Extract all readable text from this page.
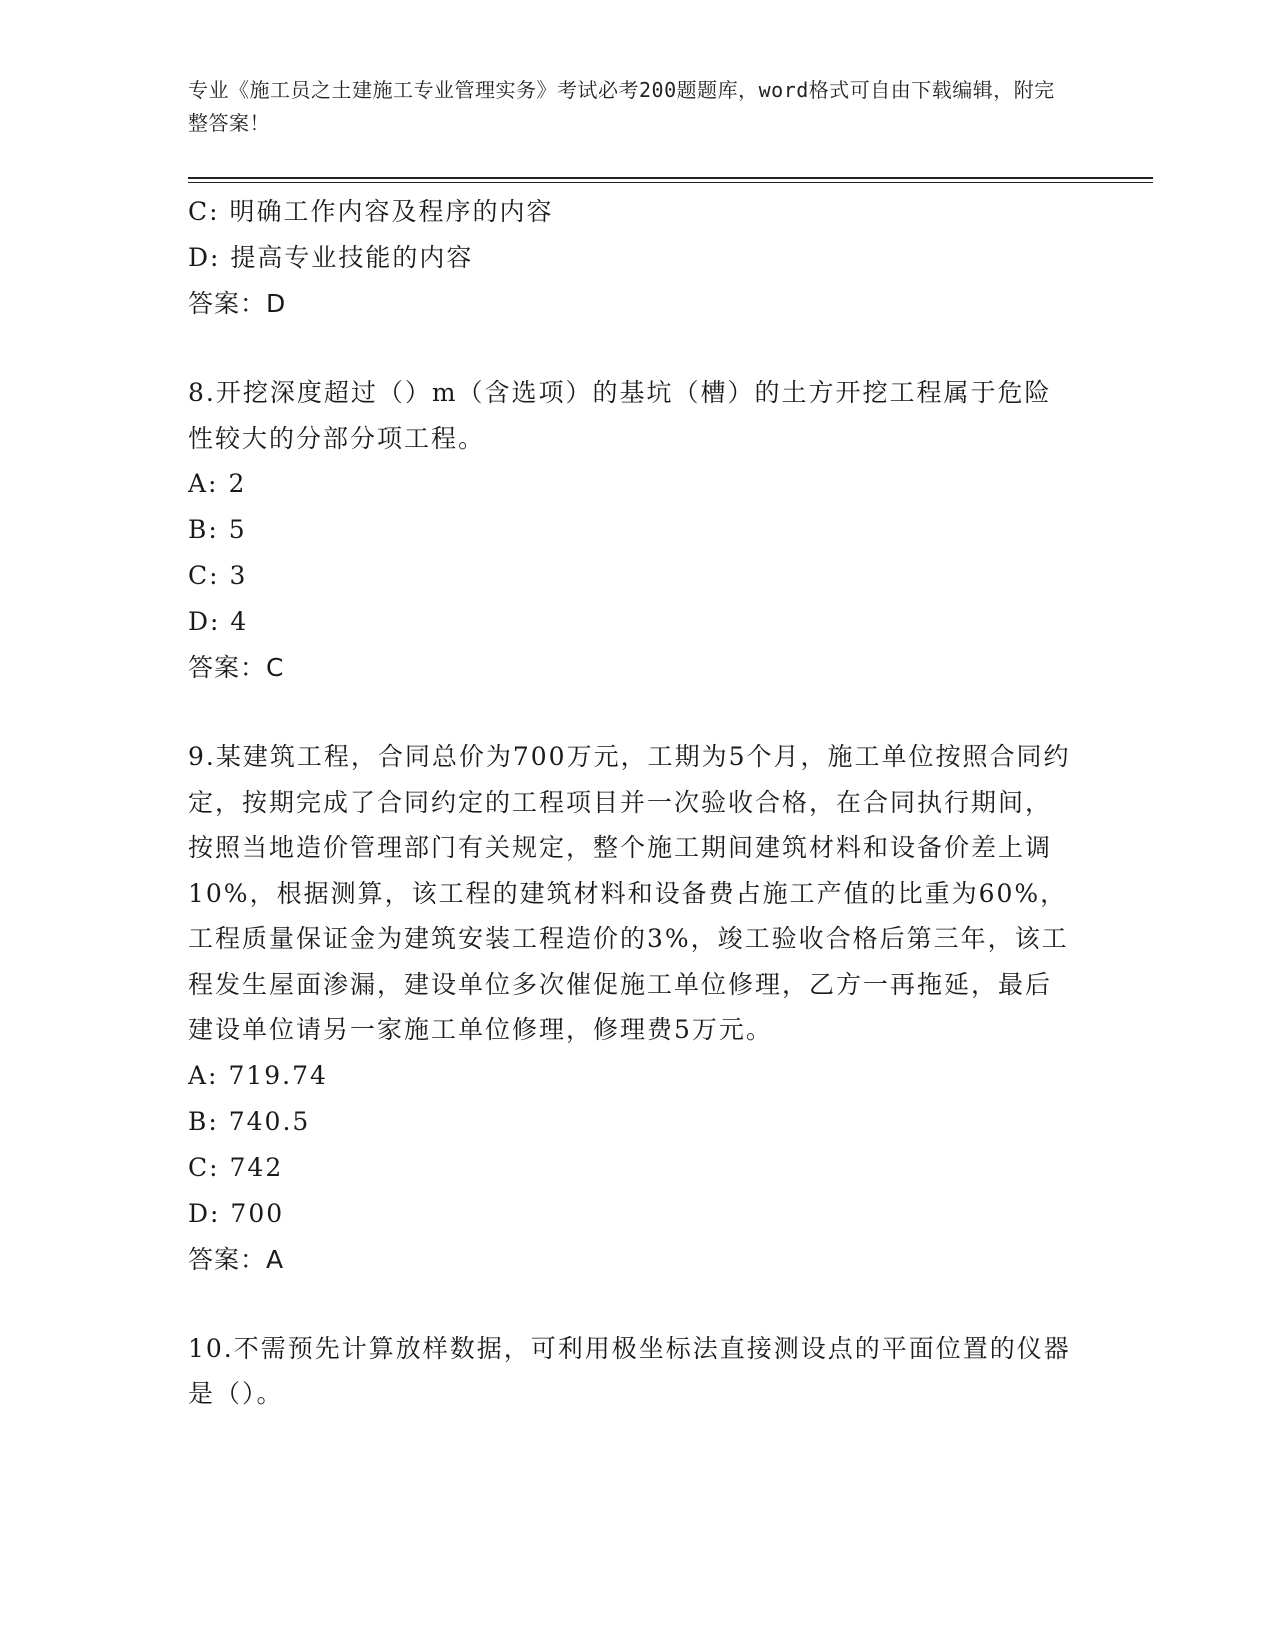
专业《施工员之土建施工专业管理实务》考试必考200题题库，word格式可自由下载编辑，附完整答案！
C: 明确工作内容及程序的内容
D: 提高专业技能的内容
答案：D
8.开挖深度超过（）m（含选项）的基坑（槽）的土方开挖工程属于危险性较大的分部分项工程。
A: 2
B: 5
C: 3
D: 4
答案：C
9.某建筑工程，合同总价为700万元，工期为5个月，施工单位按照合同约定，按期完成了合同约定的工程项目并一次验收合格，在合同执行期间，按照当地造价管理部门有关规定，整个施工期间建筑材料和设备价差上调10%，根据测算，该工程的建筑材料和设备费占施工产值的比重为60%，工程质量保证金为建筑安装工程造价的3%，竣工验收合格后第三年，该工程发生屋面渗漏，建设单位多次催促施工单位修理，乙方一再拖延，最后建设单位请另一家施工单位修理，修理费5万元。
A: 719.74
B: 740.5
C: 742
D: 700
答案：A
10.不需预先计算放样数据，可利用极坐标法直接测设点的平面位置的仪器是（）。
